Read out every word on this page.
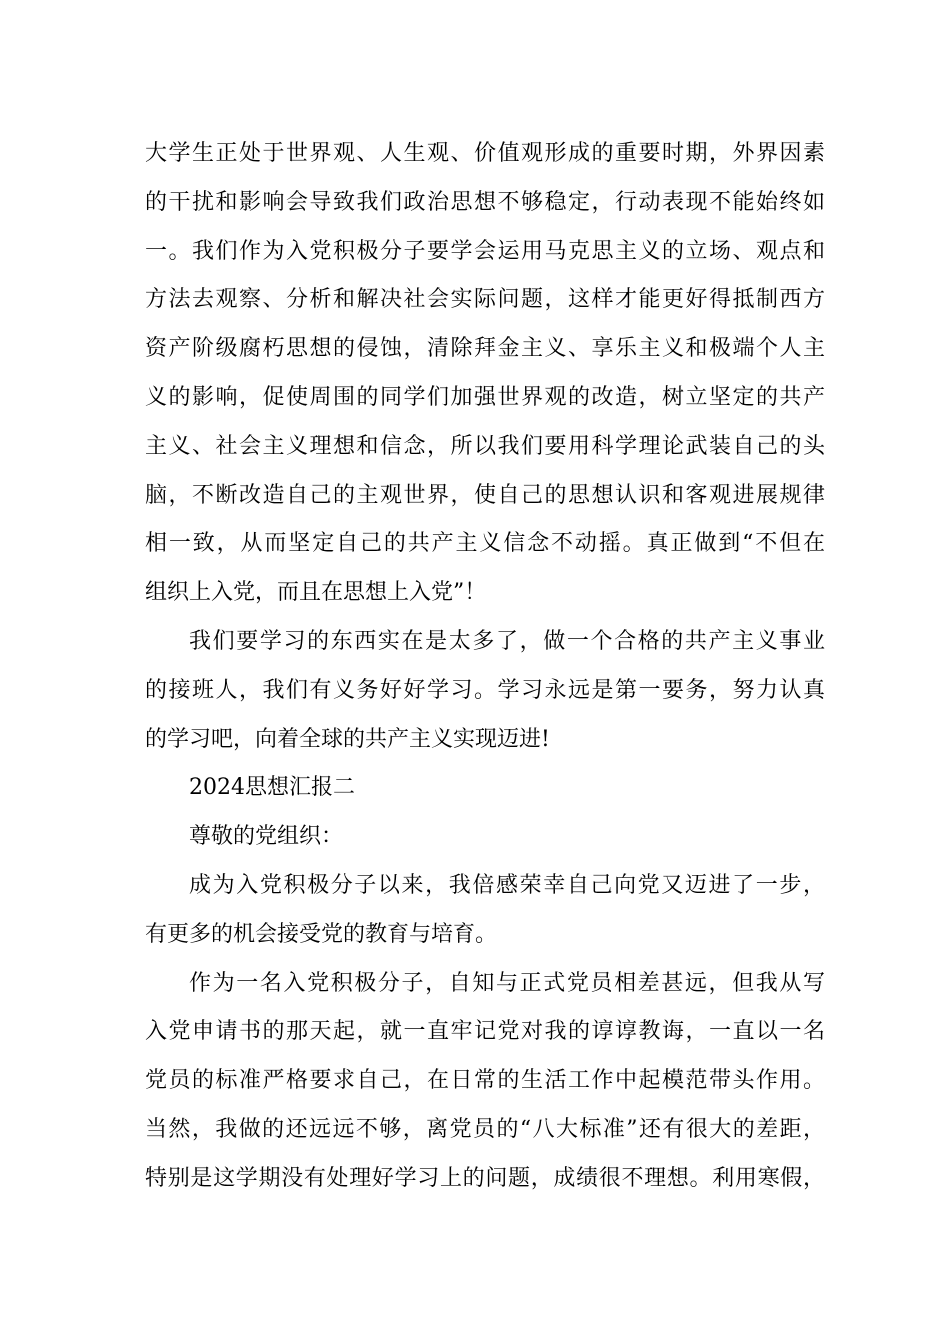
大学生正处于世界观、人生观、价值观形成的重要时期，外界因素
的干扰和影响会导致我们政治思想不够稳定，行动表现不能始终如
一。我们作为入党积极分子要学会运用马克思主义的立场、观点和
方法去观察、分析和解决社会实际问题，这样才能更好得抵制西方
资产阶级腐朽思想的侵蚀，清除拜金主义、享乐主义和极端个人主
义的影响，促使周围的同学们加强世界观的改造，树立坚定的共产
主义、社会主义理想和信念，所以我们要用科学理论武装自己的头
脑，不断改造自己的主观世界，使自己的思想认识和客观进展规律
相一致，从而坚定自己的共产主义信念不动摇。真正做到“不但在
组织上入党，而且在思想上入党”！
我们要学习的东西实在是太多了，做一个合格的共产主义事业
的接班人，我们有义务好好学习。学习永远是第一要务，努力认真
的学习吧，向着全球的共产主义实现迈进!
2024思想汇报二
尊敬的党组织：
成为入党积极分子以来，我倍感荣幸自己向党又迈进了一步，
有更多的机会接受党的教育与培育。
作为一名入党积极分子，自知与正式党员相差甚远，但我从写
入党申请书的那天起，就一直牢记党对我的谆谆教诲，一直以一名
党员的标准严格要求自己，在日常的生活工作中起模范带头作用。
当然，我做的还远远不够，离党员的“八大标准”还有很大的差距，
特别是这学期没有处理好学习上的问题，成绩很不理想。利用寒假，
